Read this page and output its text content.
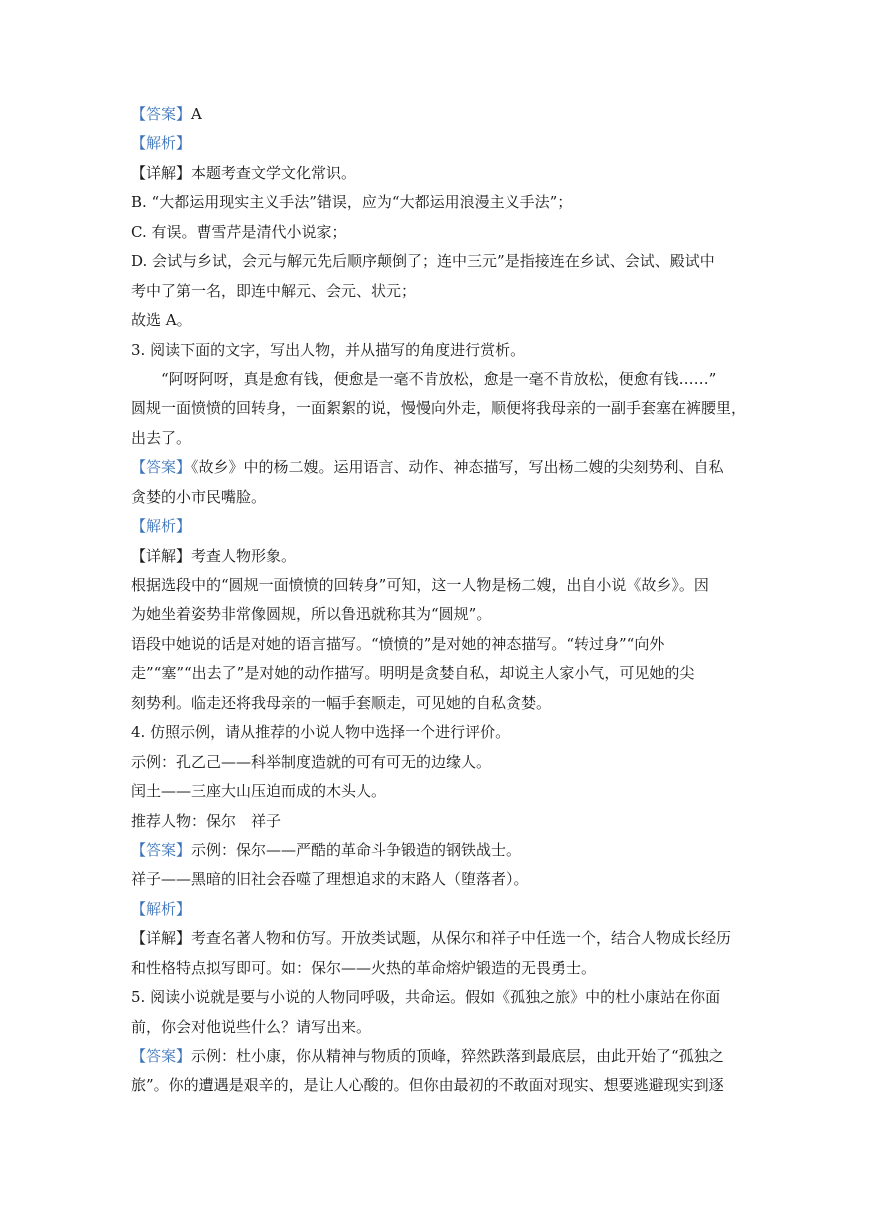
【答案】A
【解析】
【详解】本题考查文学文化常识。
B. “大都运用现实主义手法”错误，应为“大都运用浪漫主义手法”；
C. 有误。曹雪芹是清代小说家；
D. 会试与乡试，会元与解元先后顺序颠倒了；连中三元”是指接连在乡试、会试、殿试中
考中了第一名，即连中解元、会元、状元；
故选 A。
3. 阅读下面的文字，写出人物，并从描写的角度进行赏析。
“阿呀阿呀，真是愈有钱，便愈是一毫不肯放松，愈是一毫不肯放松，便愈有钱……”
圆规一面愤愤的回转身，一面絮絮的说，慢慢向外走，顺便将我母亲的一副手套塞在裤腰里，
出去了。
【答案】《故乡》中的杨二嫂。运用语言、动作、神态描写，写出杨二嫂的尖刻势利、自私
贪婪的小市民嘴脸。
【解析】
【详解】考查人物形象。
根据选段中的“圆规一面愤愤的回转身”可知，这一人物是杨二嫂，出自小说《故乡》。因
为她坐着姿势非常像圆规，所以鲁迅就称其为“圆规”。
语段中她说的话是对她的语言描写。“愤愤的”是对她的神态描写。“转过身”“向外
走”“塞”“出去了”是对她的动作描写。明明是贪婪自私，却说主人家小气，可见她的尖
刻势利。临走还将我母亲的一幅手套顺走，可见她的自私贪婪。
4. 仿照示例，请从推荐的小说人物中选择一个进行评价。
示例：孔乙己——科举制度造就的可有可无的边缘人。
闰土——三座大山压迫而成的木头人。
推荐人物：保尔　祥子
【答案】示例：保尔——严酷的革命斗争锻造的钢铁战士。
祥子——黑暗的旧社会吞噬了理想追求的末路人（堕落者）。
【解析】
【详解】考查名著人物和仿写。开放类试题，从保尔和祥子中任选一个，结合人物成长经历
和性格特点拟写即可。如：保尔——火热的革命熔炉锻造的无畏勇士。
5. 阅读小说就是要与小说的人物同呼吸，共命运。假如《孤独之旅》中的杜小康站在你面
前，你会对他说些什么？请写出来。
【答案】示例：杜小康，你从精神与物质的顶峰，猝然跌落到最底层，由此开始了“孤独之
旅”。你的遭遇是艰辛的，是让人心酸的。但你由最初的不敢面对现实、想要逃避现实到逐
